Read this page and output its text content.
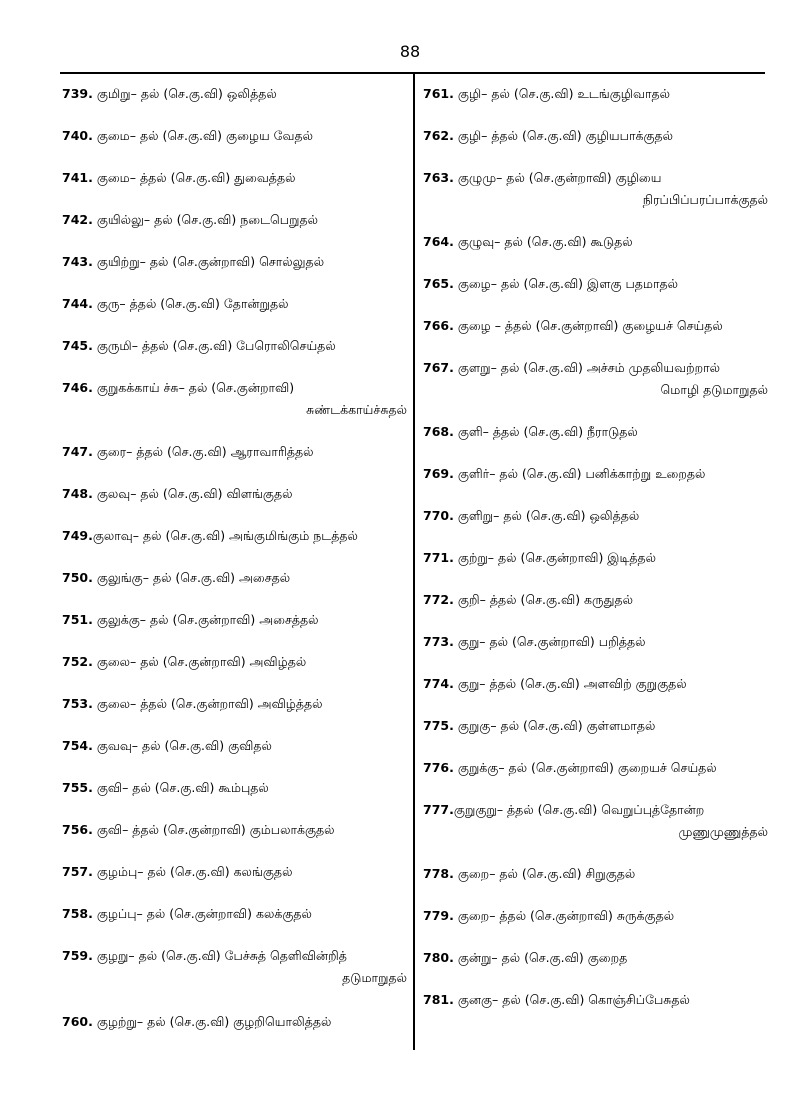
88
739. குமிறு– தல் (செ.கு.வி) ஒலித்தல்
740. குமை– தல் (செ.கு.வி) குழைய வேதல்
741. குமை– த்தல் (செ.கு.வி) துவைத்தல்
742. குயில்லு– தல் (செ.கு.வி) நடைபெறுதல்
743. குயிற்று– தல் (செ.குன்றாவி) சொல்லுதல்
744. குரு– த்தல் (செ.கு.வி) தோன்றுதல்
745. குருமி– த்தல் (செ.கு.வி) பேரொலிசெய்தல்
746. குறுகக்காய் ச்சு– தல் (செ.குன்றாவி)
சுண்டக்காய்ச்சுதல்
747. குரை– த்தல் (செ.கு.வி) ஆராவாரித்தல்
748. குலவு– தல் (செ.கு.வி) விளங்குதல்
749.குலாவு– தல் (செ.கு.வி) அங்குமிங்கும் நடத்தல்
750. குலுங்கு– தல் (செ.கு.வி) அசைதல்
751. குலுக்கு– தல் (செ.குன்றாவி) அசைத்தல்
752. குலை– தல் (செ.குன்றாவி) அவிழ்தல்
753. குலை– த்தல் (செ.குன்றாவி) அவிழ்த்தல்
754. குவவு– தல் (செ.கு.வி) குவிதல்
755. குவி– தல் (செ.கு.வி) கூம்புதல்
756. குவி– த்தல் (செ.குன்றாவி) கும்பலாக்குதல்
757. குழம்பு– தல் (செ.கு.வி) கலங்குதல்
758. குழப்பு– தல் (செ.குன்றாவி) கலக்குதல்
759. குழறு– தல் (செ.கு.வி) பேச்சுத் தெளிவின்றித்
தடுமாறுதல்
760. குழற்று– தல் (செ.கு.வி) குழறியொலித்தல்
761. குழி– தல் (செ.கு.வி) உடங்குழிவாதல்
762. குழி– த்தல் (செ.கு.வி) குழியபாக்குதல்
763. குழுமு– தல் (செ.குன்றாவி) குழியை
நிரப்பிப்பரப்பாக்குதல்
764. குழுவு– தல் (செ.கு.வி) கூடுதல்
765. குழை– தல் (செ.கு.வி) இளகு பதமாதல்
766. குழை – த்தல் (செ.குன்றாவி) குழையச் செய்தல்
767. குளறு– தல் (செ.கு.வி) அச்சம் முதலியவற்றால்
மொழி தடுமாறுதல்
768. குளி– த்தல் (செ.கு.வி) நீராடுதல்
769. குளிர்– தல் (செ.கு.வி) பனிக்காற்று உறைதல்
770. குளிறு– தல் (செ.கு.வி) ஒலித்தல்
771. குற்று– தல் (செ.குன்றாவி) இடித்தல்
772. குறி– த்தல் (செ.கு.வி) கருதுதல்
773. குறு– தல் (செ.குன்றாவி) பறித்தல்
774. குறு– த்தல் (செ.கு.வி) அளவிற் குறுகுதல்
775. குறுகு– தல் (செ.கு.வி) குள்ளமாதல்
776. குறுக்கு– தல் (செ.குன்றாவி) குறையச் செய்தல்
777.குறுகுறு– த்தல் (செ.கு.வி) வெறுப்புத்தோன்ற
முணுமுணுத்தல்
778. குறை– தல் (செ.கு.வி) சிறுகுதல்
779. குறை– த்தல் (செ.குன்றாவி) சுருக்குதல்
780. குன்று– தல் (செ.கு.வி) குறைத
781. குனகு– தல் (செ.கு.வி) கொஞ்சிப்பேசுதல்
